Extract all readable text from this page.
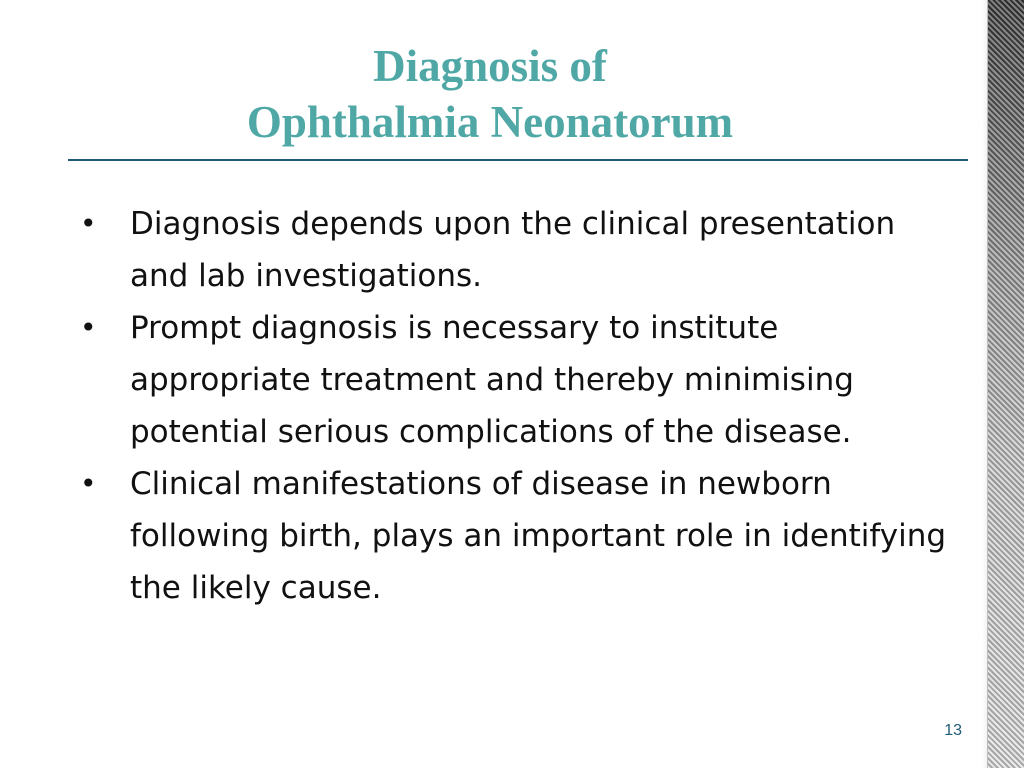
Diagnosis of
Ophthalmia Neonatorum
• Diagnosis depends upon the clinical presentation and lab investigations.
• Prompt diagnosis is necessary to institute appropriate treatment and thereby minimising potential serious complications of the disease.
• Clinical manifestations of disease in newborn following birth, plays an important role in identifying the likely cause.
13
